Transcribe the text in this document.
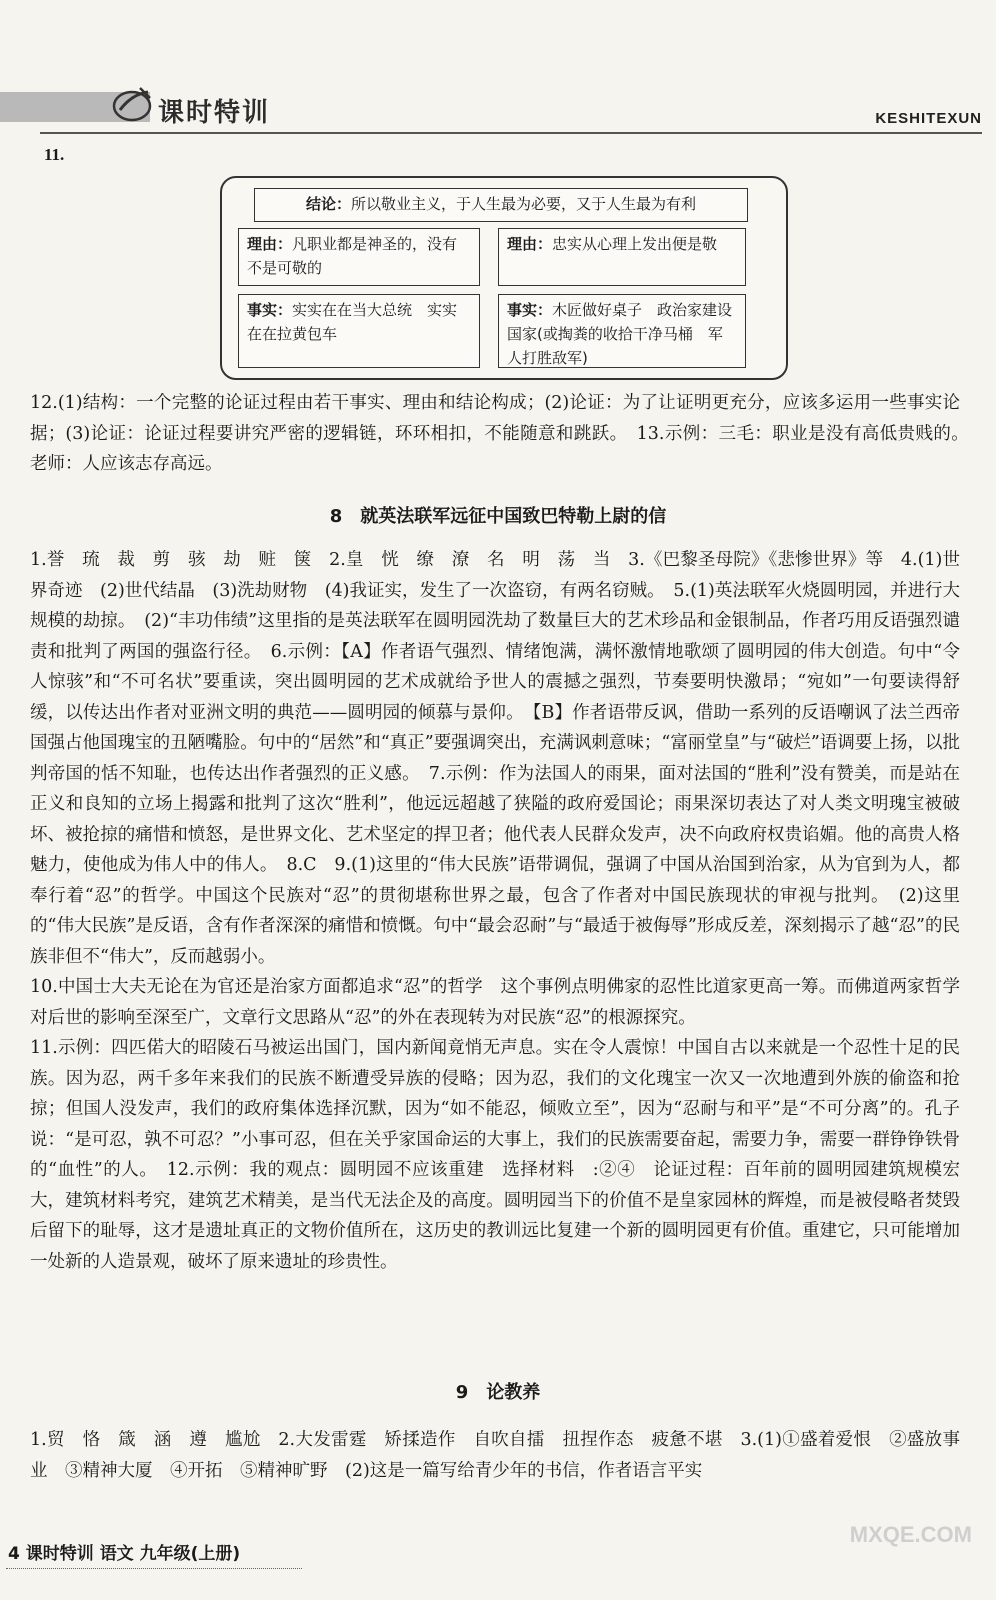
课时特训	KESHITEXUN
11.
结论：所以敬业主义，于人生最为必要，又于人生最为有利
理由：凡职业都是神圣的，没有不是可敬的
理由：忠实从心理上发出便是敬
事实：实实在在当大总统　实实在在拉黄包车
事实：木匠做好桌子　政治家建设国家(或掏粪的收拾干净马桶　军人打胜敌军)
12.(1)结构：一个完整的论证过程由若干事实、理由和结论构成；(2)论证：为了让证明更充分，应该多运用一些事实论据；(3)论证：论证过程要讲究严密的逻辑链，环环相扣，不能随意和跳跃。　13.示例：三毛：职业是没有高低贵贱的。　老师：人应该志存高远。
8　就英法联军远征中国致巴特勒上尉的信
1.誉　琉　裁　剪　骇　劫　赃　箧　2.皇　恍　缭　潦　名　明　荡　当　3.《巴黎圣母院》《悲惨世界》等　4.(1)世界奇迹　(2)世代结晶　(3)洗劫财物　(4)我证实，发生了一次盗窃，有两名窃贼。　5.(1)英法联军火烧圆明园，并进行大规模的劫掠。　(2)“丰功伟绩”这里指的是英法联军在圆明园洗劫了数量巨大的艺术珍品和金银制品，作者巧用反语强烈谴责和批判了两国的强盗行径。　6.示例：【A】作者语气强烈、情绪饱满，满怀激情地歌颂了圆明园的伟大创造。句中“令人惊骇”和“不可名状”要重读，突出圆明园的艺术成就给予世人的震撼之强烈，节奏要明快激昂；“宛如”一句要读得舒缓，以传达出作者对亚洲文明的典范——圆明园的倾慕与景仰。　【B】作者语带反讽，借助一系列的反语嘲讽了法兰西帝国强占他国瑰宝的丑陋嘴脸。句中的“居然”和“真正”要强调突出，充满讽刺意味；“富丽堂皇”与“破烂”语调要上扬，以批判帝国的恬不知耻，也传达出作者强烈的正义感。　7.示例：作为法国人的雨果，面对法国的“胜利”没有赞美，而是站在正义和良知的立场上揭露和批判了这次“胜利”，他远远超越了狭隘的政府爱国论；雨果深切表达了对人类文明瑰宝被破坏、被抢掠的痛惜和愤怒，是世界文化、艺术坚定的捍卫者；他代表人民群众发声，决不向政府权贵谄媚。他的高贵人格魅力，使他成为伟人中的伟人。　8.C　9.(1)这里的“伟大民族”语带调侃，强调了中国从治国到治家，从为官到为人，都奉行着“忍”的哲学。中国这个民族对“忍”的贯彻堪称世界之最，包含了作者对中国民族现状的审视与批判。　(2)这里的“伟大民族”是反语，含有作者深深的痛惜和愤慨。句中“最会忍耐”与“最适于被侮辱”形成反差，深刻揭示了越“忍”的民族非但不“伟大”，反而越弱小。
10.中国士大夫无论在为官还是治家方面都追求“忍”的哲学　这个事例点明佛家的忍性比道家更高一筹。而佛道两家哲学对后世的影响至深至广，文章行文思路从“忍”的外在表现转为对民族“忍”的根源探究。
11.示例：四匹偌大的昭陵石马被运出国门，国内新闻竟悄无声息。实在令人震惊！中国自古以来就是一个忍性十足的民族。因为忍，两千多年来我们的民族不断遭受异族的侵略；因为忍，我们的文化瑰宝一次又一次地遭到外族的偷盗和抢掠；但国人没发声，我们的政府集体选择沉默，因为“如不能忍，倾败立至”，因为“忍耐与和平”是“不可分离”的。孔子说：“是可忍，孰不可忍？”小事可忍，但在关乎家国命运的大事上，我们的民族需要奋起，需要力争，需要一群铮铮铁骨的“血性”的人。　12.示例：我的观点：圆明园不应该重建　选择材料　:②④　论证过程：百年前的圆明园建筑规模宏大，建筑材料考究，建筑艺术精美，是当代无法企及的高度。圆明园当下的价值不是皇家园林的辉煌，而是被侵略者焚毁后留下的耻辱，这才是遗址真正的文物价值所在，这历史的教训远比复建一个新的圆明园更有价值。重建它，只可能增加一处新的人造景观，破坏了原来遗址的珍贵性。
9　论教养
1.贸　恪　箴　涵　遵　尴尬　2.大发雷霆　矫揉造作　自吹自擂　扭捏作态　疲惫不堪　3.(1)①盛着爱恨　②盛放事业　③精神大厦　④开拓　⑤精神旷野　(2)这是一篇写给青少年的书信，作者语言平实
4 课时特训 语文 九年级(上册)
MXQE.COM
